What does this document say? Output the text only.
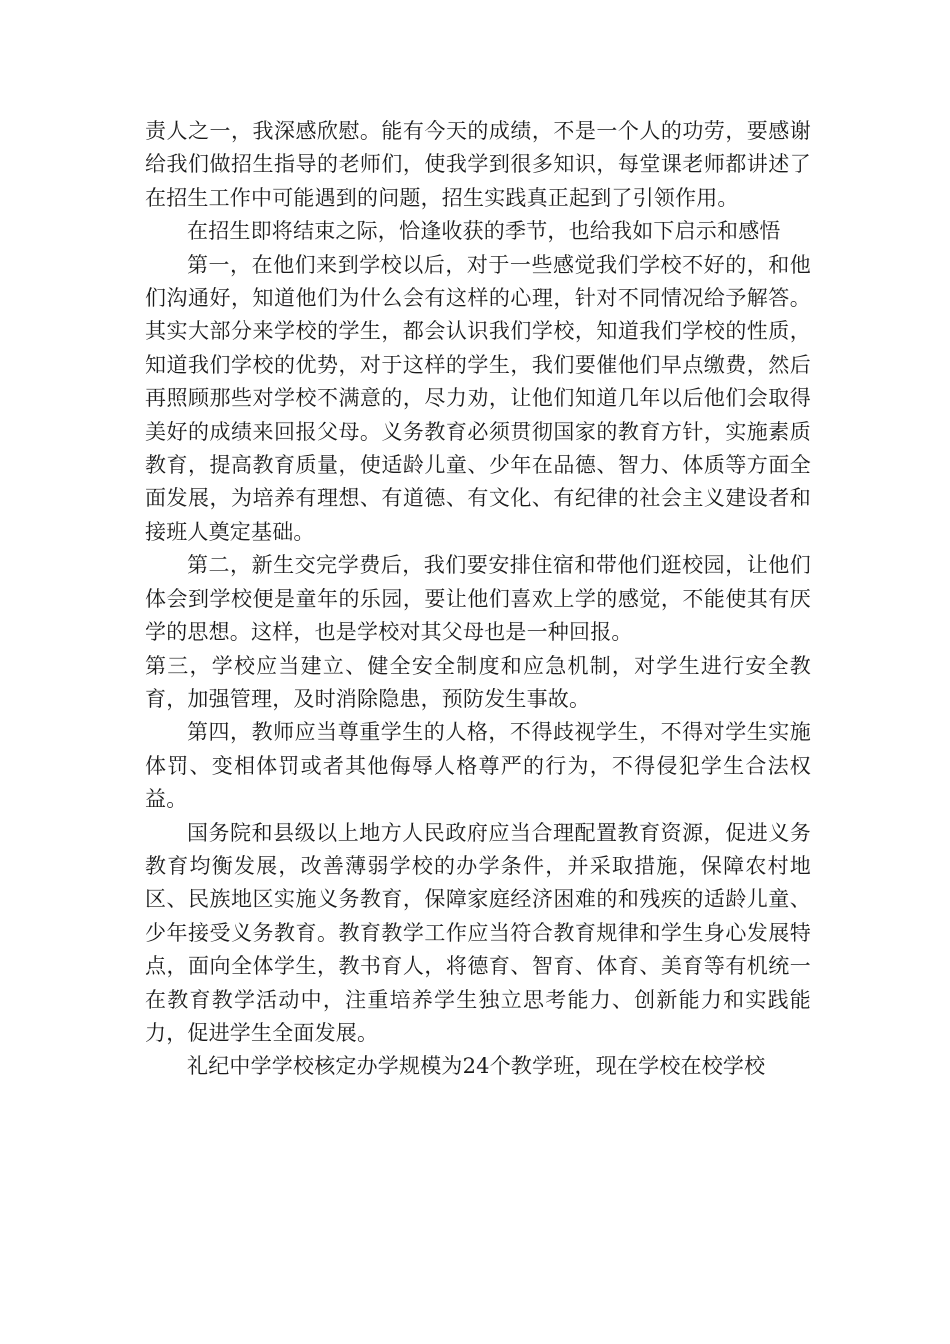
责人之一，我深感欣慰。能有今天的成绩，不是一个人的功劳，要感谢给我们做招生指导的老师们，使我学到很多知识，每堂课老师都讲述了在招生工作中可能遇到的问题，招生实践真正起到了引领作用。

在招生即将结束之际，恰逢收获的季节，也给我如下启示和感悟

第一，在他们来到学校以后，对于一些感觉我们学校不好的，和他们沟通好，知道他们为什么会有这样的心理，针对不同情况给予解答。其实大部分来学校的学生，都会认识我们学校，知道我们学校的性质，知道我们学校的优势，对于这样的学生，我们要催他们早点缴费，然后再照顾那些对学校不满意的，尽力劝，让他们知道几年以后他们会取得美好的成绩来回报父母。义务教育必须贯彻国家的教育方针，实施素质教育，提高教育质量，使适龄儿童、少年在品德、智力、体质等方面全面发展，为培养有理想、有道德、有文化、有纪律的社会主义建设者和接班人奠定基础。

第二，新生交完学费后，我们要安排住宿和带他们逛校园，让他们体会到学校便是童年的乐园，要让他们喜欢上学的感觉，不能使其有厌学的思想。这样，也是学校对其父母也是一种回报。

第三，学校应当建立、健全安全制度和应急机制，对学生进行安全教育，加强管理，及时消除隐患，预防发生事故。

第四，教师应当尊重学生的人格，不得歧视学生，不得对学生实施体罚、变相体罚或者其他侮辱人格尊严的行为，不得侵犯学生合法权益。

国务院和县级以上地方人民政府应当合理配置教育资源，促进义务教育均衡发展，改善薄弱学校的办学条件，并采取措施，保障农村地区、民族地区实施义务教育，保障家庭经济困难的和残疾的适龄儿童、少年接受义务教育。教育教学工作应当符合教育规律和学生身心发展特点，面向全体学生，教书育人，将德育、智育、体育、美育等有机统一在教育教学活动中，注重培养学生独立思考能力、创新能力和实践能力，促进学生全面发展。

礼纪中学学校核定办学规模为24个教学班，现在学校在校学校
